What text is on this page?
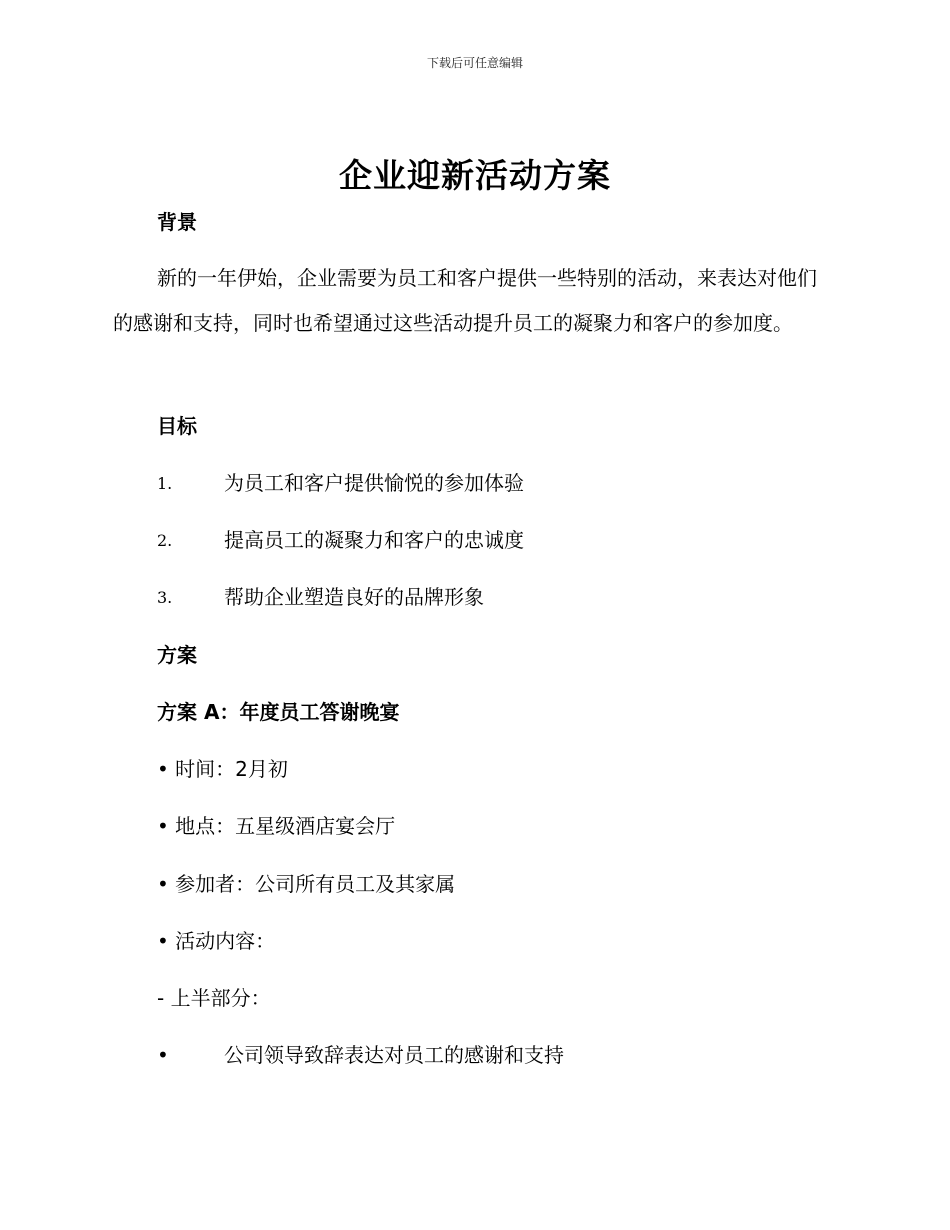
下载后可任意编辑
企业迎新活动方案
背景
新的一年伊始，企业需要为员工和客户提供一些特别的活动，来表达对他们的感谢和支持，同时也希望通过这些活动提升员工的凝聚力和客户的参加度。
目标
1.	为员工和客户提供愉悦的参加体验
2.	提高员工的凝聚力和客户的忠诚度
3.	帮助企业塑造良好的品牌形象
方案
方案 A：年度员工答谢晚宴
• 时间：2月初
• 地点：五星级酒店宴会厅
• 参加者：公司所有员工及其家属
• 活动内容：
- 上半部分：
•	公司领导致辞表达对员工的感谢和支持
